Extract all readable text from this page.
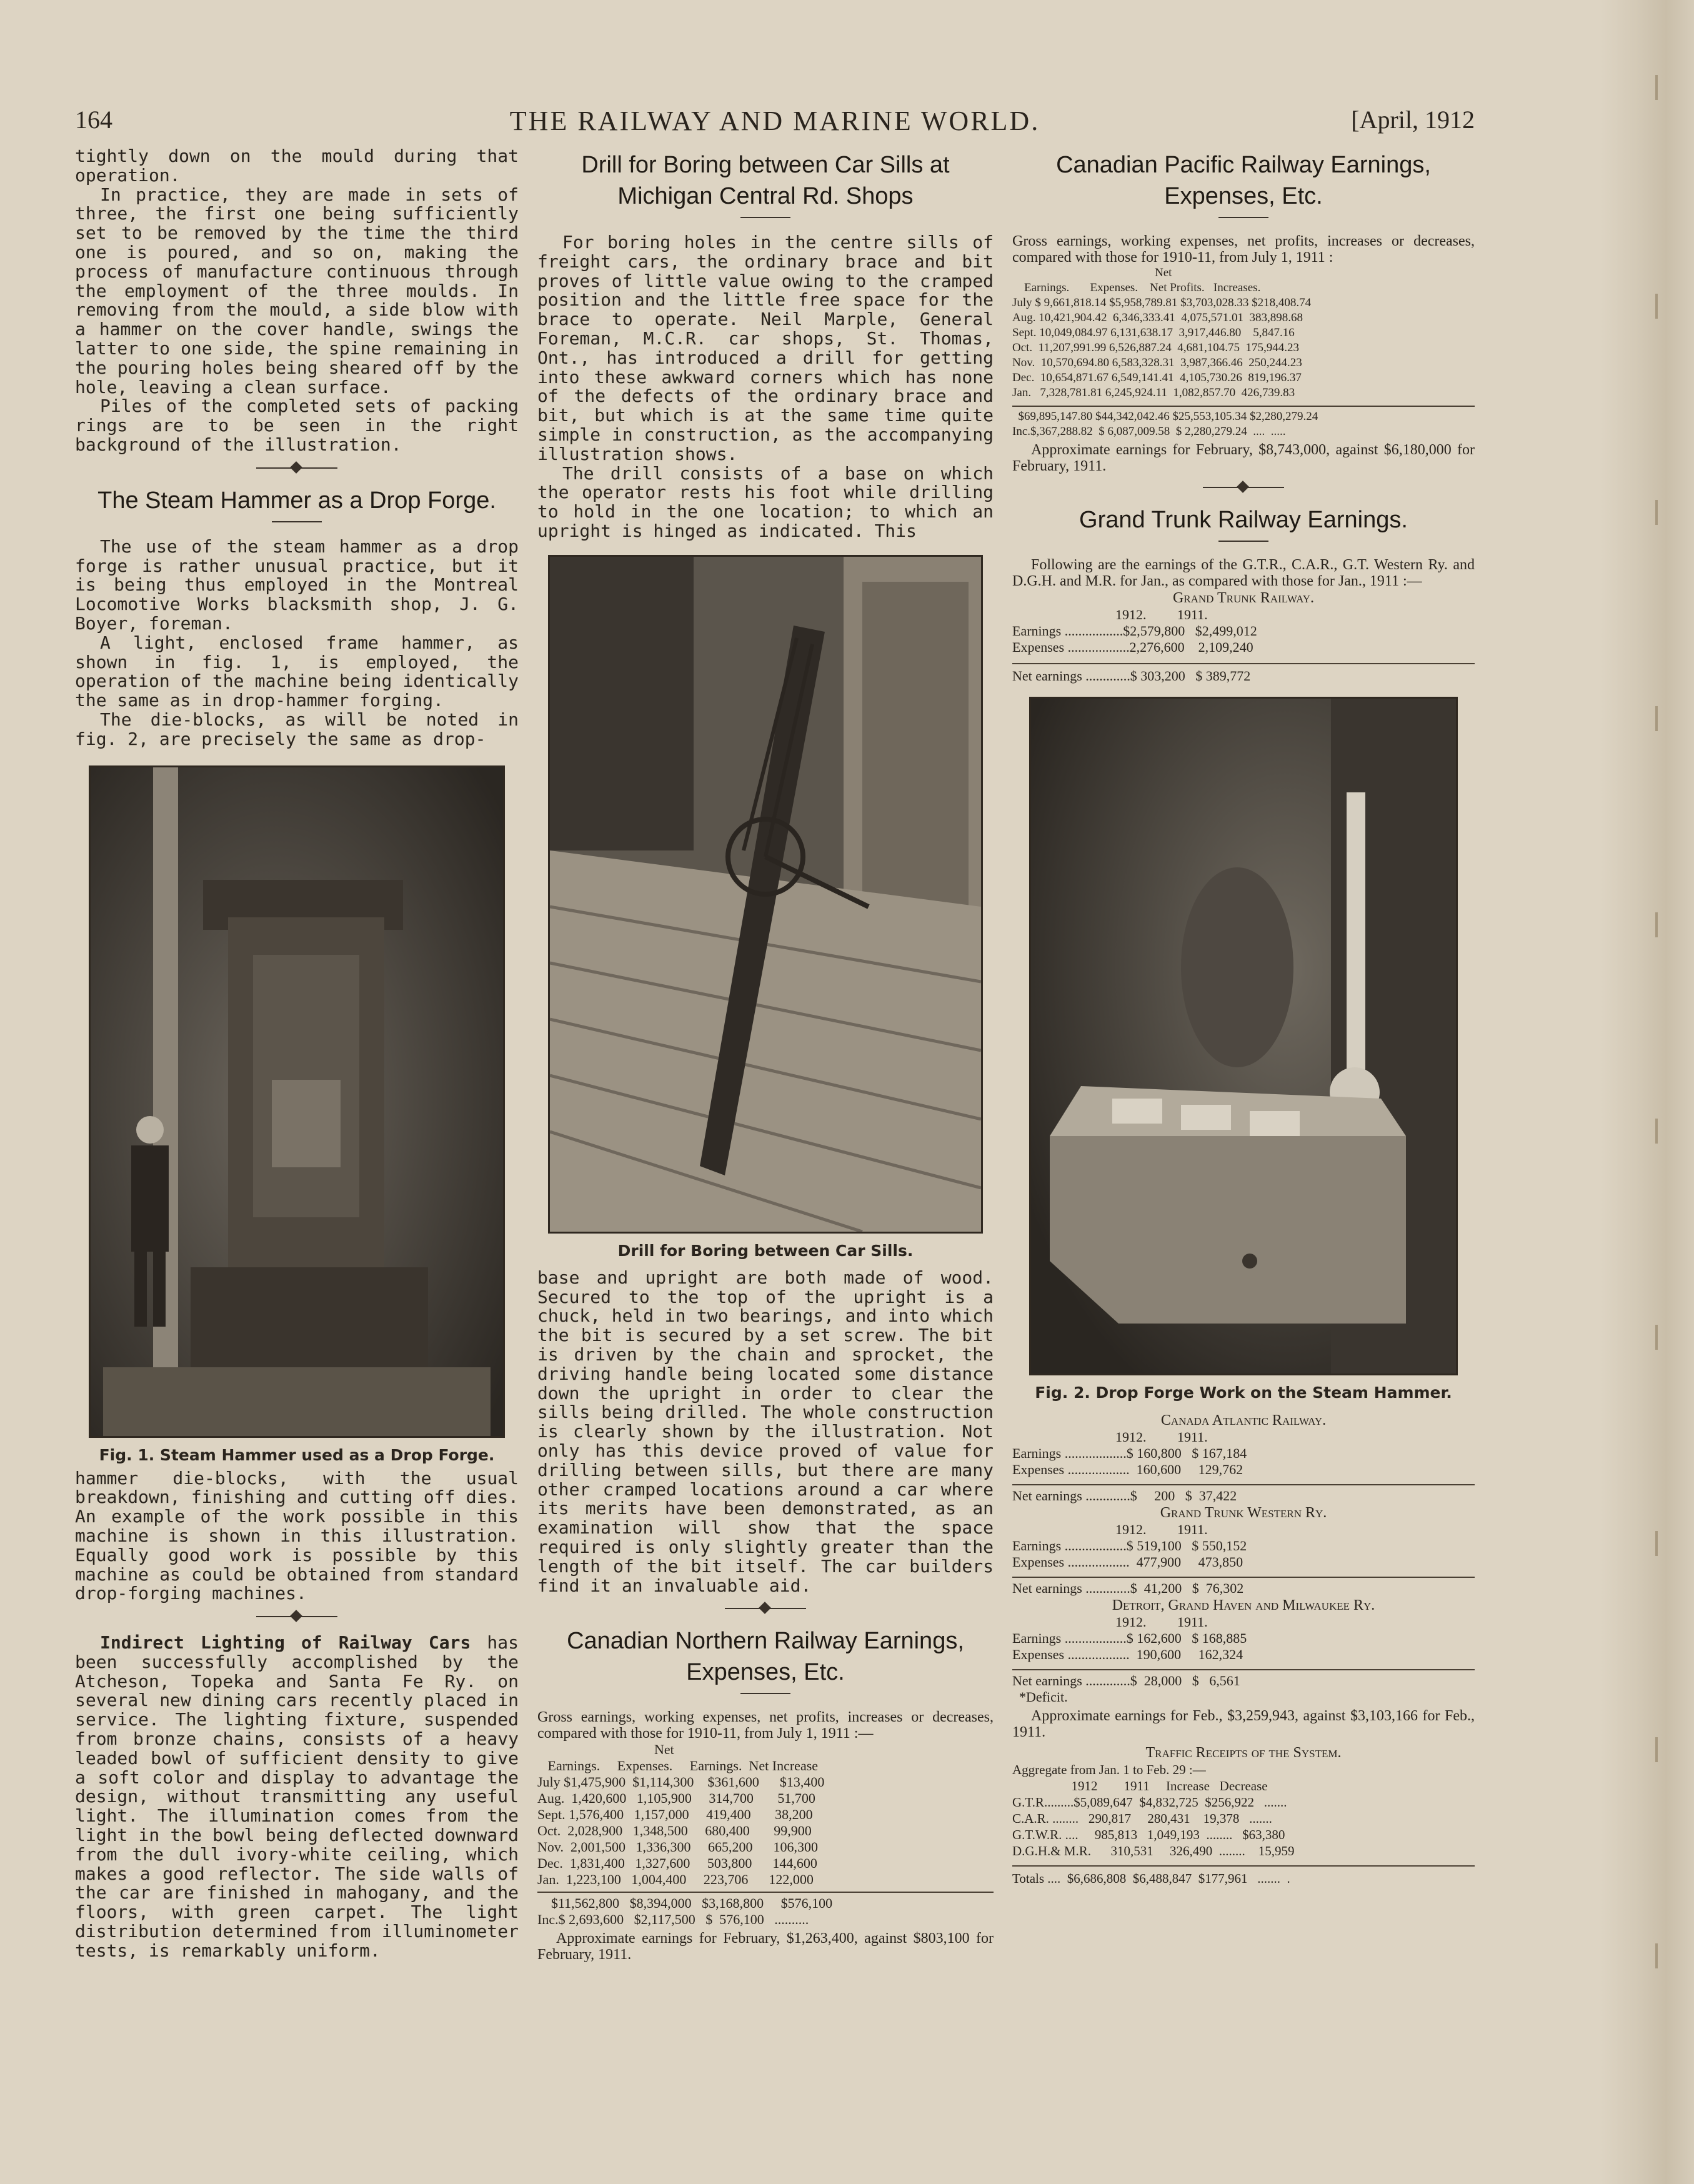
164	THE RAILWAY AND MARINE WORLD.	[April, 1912

tightly down on the mould during that operation.

In practice, they are made in sets of three, the first one being sufficiently set to be removed by the time the third one is poured, and so on, making the process of manufacture continuous through the employment of the three moulds. In removing from the mould, a side blow with a hammer on the cover handle, swings the latter to one side, the spine remaining in the pouring holes being sheared off by the hole, leaving a clean surface.

Piles of the completed sets of packing rings are to be seen in the right background of the illustration.

The Steam Hammer as a Drop Forge.

The use of the steam hammer as a drop forge is rather unusual practice, but it is being thus employed in the Montreal Locomotive Works blacksmith shop, J. G. Boyer, foreman.

A light, enclosed frame hammer, as shown in fig. 1, is employed, the operation of the machine being identically the same as in drop-hammer forging.

The die-blocks, as will be noted in fig. 2, are precisely the same as drop-

Fig. 1. Steam Hammer used as a Drop Forge.

hammer die-blocks, with the usual breakdown, finishing and cutting off dies. An example of the work possible in this machine is shown in this illustration. Equally good work is possible by this machine as could be obtained from standard drop-forging machines.

Indirect Lighting of Railway Cars has been successfully accomplished by the Atcheson, Topeka and Santa Fe Ry. on several new dining cars recently placed in service. The lighting fixture, suspended from bronze chains, consists of a heavy leaded bowl of sufficient density to give a soft color and display to advantage the design, without transmitting any useful light. The illumination comes from the light in the bowl being deflected downward from the dull ivory-white ceiling, which makes a good reflector. The side walls of the car are finished in mahogany, and the floors, with green carpet. The light distribution determined from illuminometer tests, is remarkably uniform.

Drill for Boring between Car Sills at Michigan Central Rd. Shops

For boring holes in the centre sills of freight cars, the ordinary brace and bit proves of little value owing to the cramped position and the little free space for the brace to operate. Neil Marple, General Foreman, M.C.R. car shops, St. Thomas, Ont., has introduced a drill for getting into these awkward corners which has none of the defects of the ordinary brace and bit, but which is at the same time quite simple in construction, as the accompanying illustration shows.

The drill consists of a base on which the operator rests his foot while drilling to hold in the one location; to which an upright is hinged as indicated. This

Drill for Boring between Car Sills.

base and upright are both made of wood. Secured to the top of the upright is a chuck, held in two bearings, and into which the bit is secured by a set screw. The bit is driven by the chain and sprocket, the driving handle being located some distance down the upright in order to clear the sills being drilled. The whole construction is clearly shown by the illustration. Not only has this device proved of value for drilling between sills, but there are many other cramped locations around a car where its merits have been demonstrated, as an examination will show that the space required is only slightly greater than the length of the bit itself. The car builders find it an invaluable aid.

Canadian Northern Railway Earnings, Expenses, Etc.
Gross earnings, working expenses, net profits, increases or decreases, compared with those for 1910-11, from July 1, 1911 :—
Net
Earnings.     Expenses.     Earnings.  Net Increase
July $1,475,900  $1,114,300    $361,600      $13,400
Aug.  1,420,600   1,105,900     314,700       51,700
Sept. 1,576,400   1,157,000     419,400       38,200
Oct.  2,028,900   1,348,500     680,400       99,900
Nov.  2,001,500   1,336,300     665,200      106,300
Dec.  1,831,400   1,327,600     503,800      144,600
Jan.  1,223,100   1,004,400     223,706      122,000
$11,562,800   $8,394,000   $3,168,800     $576,100
Inc.$ 2,693,600   $2,117,500   $  576,100   ..........
Approximate earnings for February, $1,263,400, against $803,100 for February, 1911.
Canadian Pacific Railway Earnings, Expenses, Etc.
Gross earnings, working expenses, net profits, increases or decreases, compared with those for 1910-11, from July 1, 1911 :
Net
Earnings.       Expenses.    Net Profits.   Increases.
July $ 9,661,818.14 $5,958,789.81 $3,703,028.33 $218,408.74
Aug. 10,421,904.42  6,346,333.41  4,075,571.01  383,898.68
Sept. 10,049,084.97 6,131,638.17  3,917,446.80    5,847.16
Oct.  11,207,991.99 6,526,887.24  4,681,104.75  175,944.23
Nov.  10,570,694.80 6,583,328.31  3,987,366.46  250,244.23
Dec.  10,654,871.67 6,549,141.41  4,105,730.26  819,196.37
Jan.   7,328,781.81 6,245,924.11  1,082,857.70  426,739.83
$69,895,147.80 $44,342,042.46 $25,553,105.34 $2,280,279.24
Inc.$,367,288.82  $ 6,087,009.58  $ 2,280,279.24  ....  .....
Approximate earnings for February, $8,743,000, against $6,180,000 for February, 1911.
Grand Trunk Railway Earnings.
Following are the earnings of the G.T.R., C.A.R., G.T. Western Ry. and D.G.H. and M.R. for Jan., as compared with those for Jan., 1911 :—
Grand Trunk Railway.
1912.         1911.
Earnings .................$2,579,800   $2,499,012
Expenses ..................2,276,600    2,109,240
Net earnings .............$ 303,200   $ 389,772
Fig. 2. Drop Forge Work on the Steam Hammer.
Canada Atlantic Railway.
1912.         1911.
Earnings ..................$ 160,800   $ 167,184
Expenses ..................  160,600     129,762
Net earnings .............$     200   $  37,422
Grand Trunk Western Ry.
1912.         1911.
Earnings ..................$ 519,100   $ 550,152
Expenses ..................  477,900     473,850
Net earnings .............$  41,200   $  76,302
Detroit, Grand Haven and Milwaukee Ry.
1912.         1911.
Earnings ..................$ 162,600   $ 168,885
Expenses ..................  190,600     162,324
Net earnings .............$  28,000   $   6,561
*Deficit.
Approximate earnings for Feb., $3,259,943, against $3,103,166 for Feb., 1911.
Traffic Receipts of the System.
Aggregate from Jan. 1 to Feb. 29 :—
1912        1911     Increase   Decrease
G.T.R.........$5,089,647  $4,832,725  $256,922   .......
C.A.R. ........   290,817     280,431    19,378   .......
G.T.W.R. ....     985,813   1,049,193  ........   $63,380
D.G.H.& M.R.      310,531     326,490  ........    15,959
Totals ....  $6,686,808  $6,488,847  $177,961   .......  .
